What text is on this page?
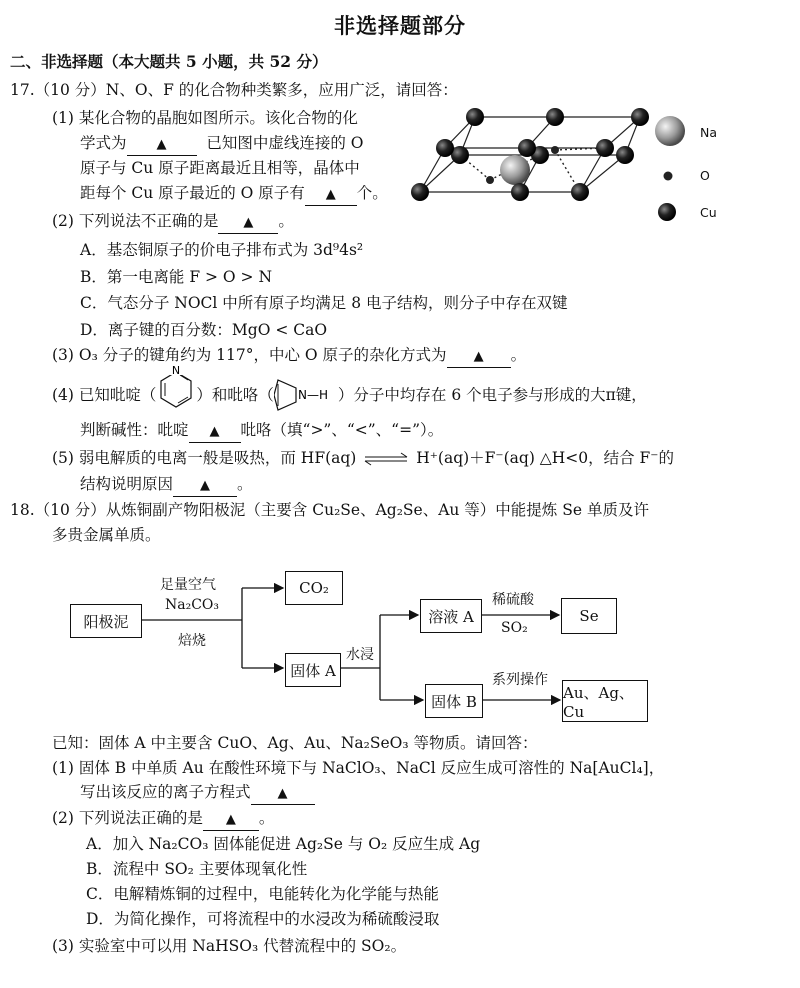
非选择题部分
二、非选择题（本大题共 5 小题，共 52 分）
17.（10 分）N、O、F 的化合物种类繁多，应用广泛，请回答：
(1) 某化合物的晶胞如图所示。该化合物的化
学式为 ▲	已知图中虚线连接的 O
原子与 Cu 原子距离最近且相等，晶体中
距每个 Cu 原子最近的 O 原子有 ▲ 个。
Na
O
Cu
(2) 下列说法不正确的是 ▲ 。
A．基态铜原子的价电子排布式为 3d⁹4s²
B．第一电离能 F > O > N
C．气态分子 NOCl 中所有原子均满足 8 电子结构，则分子中存在双键
D．离子键的百分数：MgO < CaO
(3) O₃ 分子的键角约为 117°，中心 O 原子的杂化方式为 ▲ 。
(4) 已知吡啶（
N
）和吡咯（ N—H ）分子中均存在 6 个电子参与形成的大π键，
判断碱性：吡啶 ▲ 吡咯（填“>”、“<”、“=”）。
(5) 弱电解质的电离一般是吸热，而 HF(aq) ⇌ H⁺(aq)＋F⁻(aq) △H<0，结合 F⁻的
结构说明原因 ▲ 。
18.（10 分）从炼铜副产物阳极泥（主要含 Cu₂Se、Ag₂Se、Au 等）中能提炼 Se 单质及许
多贵金属单质。
阳极泥
CO₂
固体 A
溶液 A	Se
固体 B	Au、Ag、Cu
足量空气
Na₂CO₃
焙烧
水浸
稀硫酸
SO₂
系列操作
已知：固体 A 中主要含 CuO、Ag、Au、Na₂SeO₃ 等物质。请回答：
(1) 固体 B 中单质 Au 在酸性环境下与 NaClO₃、NaCl 反应生成可溶性的 Na[AuCl₄]，
写出该反应的离子方程式 ▲
(2) 下列说法正确的是 ▲ 。
A．加入 Na₂CO₃ 固体能促进 Ag₂Se 与 O₂ 反应生成 Ag
B．流程中 SO₂ 主要体现氧化性
C．电解精炼铜的过程中，电能转化为化学能与热能
D．为简化操作，可将流程中的水浸改为稀硫酸浸取
(3) 实验室中可以用 NaHSO₃ 代替流程中的 SO₂。
